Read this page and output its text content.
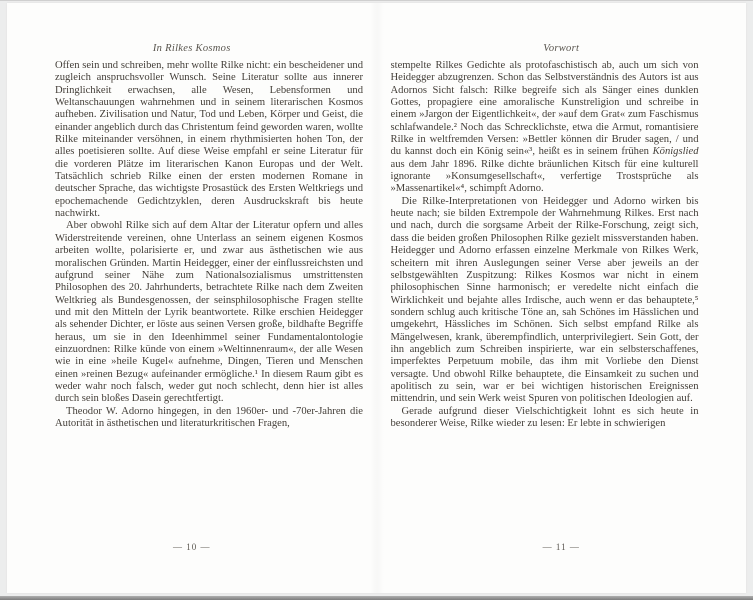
In Rilkes Kosmos

Offen sein und schreiben, mehr wollte Rilke nicht: ein bescheidener und zugleich anspruchsvoller Wunsch. Seine Literatur sollte aus innerer Dringlichkeit erwachsen, alle Wesen, Lebensformen und Weltanschauungen wahrnehmen und in seinem literarischen Kosmos aufheben. Zivilisation und Natur, Tod und Leben, Körper und Geist, die einander angeblich durch das Christentum feind geworden waren, wollte Rilke miteinander versöhnen, in einem rhythmisierten hohen Ton, der alles poetisieren sollte. Auf diese Weise empfahl er seine Literatur für die vorderen Plätze im literarischen Kanon Europas und der Welt. Tatsächlich schrieb Rilke einen der ersten modernen Romane in deutscher Sprache, das wichtigste Prosastück des Ersten Weltkriegs und epochemachende Gedichtzyklen, deren Ausdruckskraft bis heute nachwirkt.

Aber obwohl Rilke sich auf dem Altar der Literatur opfern und alles Widerstreitende vereinen, ohne Unterlass an seinem eigenen Kosmos arbeiten wollte, polarisierte er, und zwar aus ästhetischen wie aus moralischen Gründen. Martin Heidegger, einer der einflussreichsten und aufgrund seiner Nähe zum Nationalsozialismus umstrittensten Philosophen des 20. Jahrhunderts, betrachtete Rilke nach dem Zweiten Weltkrieg als Bundesgenossen, der seinsphilosophische Fragen stellte und mit den Mitteln der Lyrik beantwortete. Rilke erschien Heidegger als sehender Dichter, er löste aus seinen Versen große, bildhafte Begriffe heraus, um sie in den Ideenhimmel seiner Fundamentalontologie einzuordnen: Rilke künde von einem »Weltinnenraum«, der alle Wesen wie in eine »heile Kugel« aufnehme, Dingen, Tieren und Menschen einen »reinen Bezug« aufeinander ermögliche.¹ In diesem Raum gibt es weder wahr noch falsch, weder gut noch schlecht, denn hier ist alles durch sein bloßes Dasein gerechtfertigt.

Theodor W. Adorno hingegen, in den 1960er- und -70er-Jahren die Autorität in ästhetischen und literaturkritischen Fragen,

— 10 —
Vorwort

stempelte Rilkes Gedichte als protofaschistisch ab, auch um sich von Heidegger abzugrenzen. Schon das Selbstverständnis des Autors ist aus Adornos Sicht falsch: Rilke begreife sich als Sänger eines dunklen Gottes, propagiere eine amoralische Kunstreligion und schreibe in einem »Jargon der Eigentlichkeit«, der »auf dem Grat« zum Faschismus schlafwandele.² Noch das Schrecklichste, etwa die Armut, romantisiere Rilke in weltfremden Versen: »Bettler können dir Bruder sagen, / und du kannst doch ein König sein«³, heißt es in seinem frühen Königslied aus dem Jahr 1896. Rilke dichte bräunlichen Kitsch für eine kulturell ignorante »Konsumgesellschaft«, verfertige Trostsprüche als »Massenartikel«⁴, schimpft Adorno.

Die Rilke-Interpretationen von Heidegger und Adorno wirken bis heute nach; sie bilden Extrempole der Wahrnehmung Rilkes. Erst nach und nach, durch die sorgsame Arbeit der Rilke-Forschung, zeigt sich, dass die beiden großen Philosophen Rilke gezielt missverstanden haben. Heidegger und Adorno erfassen einzelne Merkmale von Rilkes Werk, scheitern mit ihren Auslegungen seiner Verse aber jeweils an der selbstgewählten Zuspitzung: Rilkes Kosmos war nicht in einem philosophischen Sinne harmonisch; er veredelte nicht einfach die Wirklichkeit und bejahte alles Irdische, auch wenn er das behauptete,⁵ sondern schlug auch kritische Töne an, sah Schönes im Hässlichen und umgekehrt, Hässliches im Schönen. Sich selbst empfand Rilke als Mängelwesen, krank, überempfindlich, unterprivilegiert. Sein Gott, der ihn angeblich zum Schreiben inspirierte, war ein selbsterschaffenes, imperfektes Perpetuum mobile, das ihm mit Vorliebe den Dienst versagte. Und obwohl Rilke behauptete, die Einsamkeit zu suchen und apolitisch zu sein, war er bei wichtigen historischen Ereignissen mittendrin, und sein Werk weist Spuren von politischen Ideologien auf.

Gerade aufgrund dieser Vielschichtigkeit lohnt es sich heute in besonderer Weise, Rilke wieder zu lesen: Er lebte in schwierigen

— 11 —
